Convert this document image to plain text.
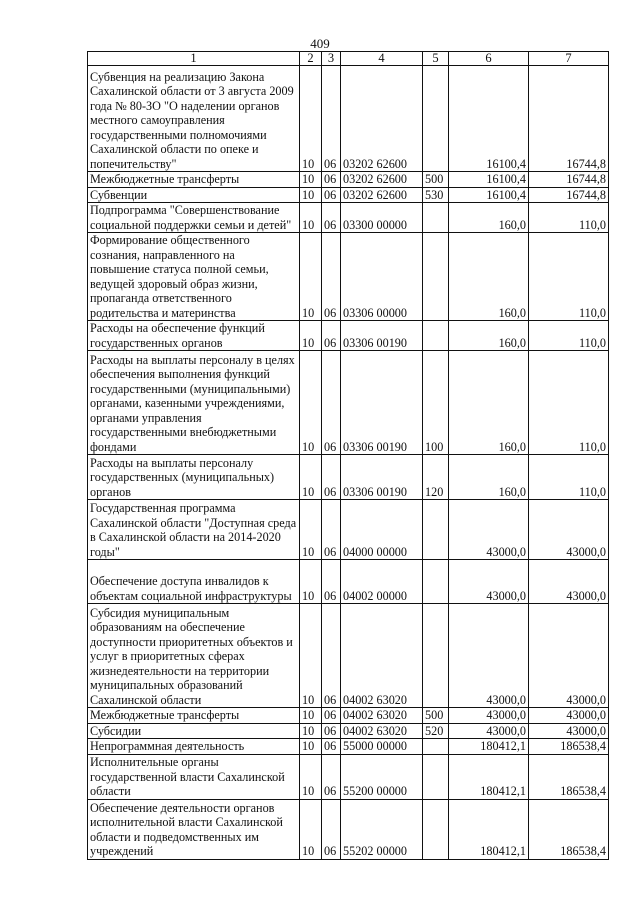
409
1	2	3	4	5	6	7
Субвенция на реализацию Закона Сахалинской области от 3 августа 2009 года № 80-ЗО "О наделении органов местного самоуправления государственными полномочиями Сахалинской области по опеке и попечительству"	10	06	03202 62600		16100,4	16744,8
Межбюджетные трансферты	10	06	03202 62600	500	16100,4	16744,8
Субвенции	10	06	03202 62600	530	16100,4	16744,8
Подпрограмма "Совершенствование социальной поддержки семьи и детей"	10	06	03300 00000		160,0	110,0
Формирование общественного сознания, направленного на повышение статуса полной семьи, ведущей здоровый образ жизни, пропаганда ответственного родительства и материнства	10	06	03306 00000		160,0	110,0
Расходы на обеспечение функций государственных органов	10	06	03306 00190		160,0	110,0
Расходы на выплаты персоналу в целях обеспечения выполнения функций государственными (муниципальными) органами, казенными учреждениями, органами управления государственными внебюджетными фондами	10	06	03306 00190	100	160,0	110,0
Расходы на выплаты персоналу государственных (муниципальных) органов	10	06	03306 00190	120	160,0	110,0
Государственная программа Сахалинской области "Доступная среда в Сахалинской области на 2014-2020 годы"	10	06	04000 00000		43000,0	43000,0
Обеспечение доступа инвалидов к объектам социальной инфраструктуры	10	06	04002 00000		43000,0	43000,0
Субсидия муниципальным образованиям на обеспечение доступности приоритетных объектов и услуг в приоритетных сферах жизнедеятельности на территории муниципальных образований Сахалинской области	10	06	04002 63020		43000,0	43000,0
Межбюджетные трансферты	10	06	04002 63020	500	43000,0	43000,0
Субсидии	10	06	04002 63020	520	43000,0	43000,0
Непрограммная деятельность	10	06	55000 00000		180412,1	186538,4
Исполнительные органы государственной власти Сахалинской области	10	06	55200 00000		180412,1	186538,4
Обеспечение деятельности органов исполнительной власти Сахалинской области и подведомственных им учреждений	10	06	55202 00000		180412,1	186538,4
